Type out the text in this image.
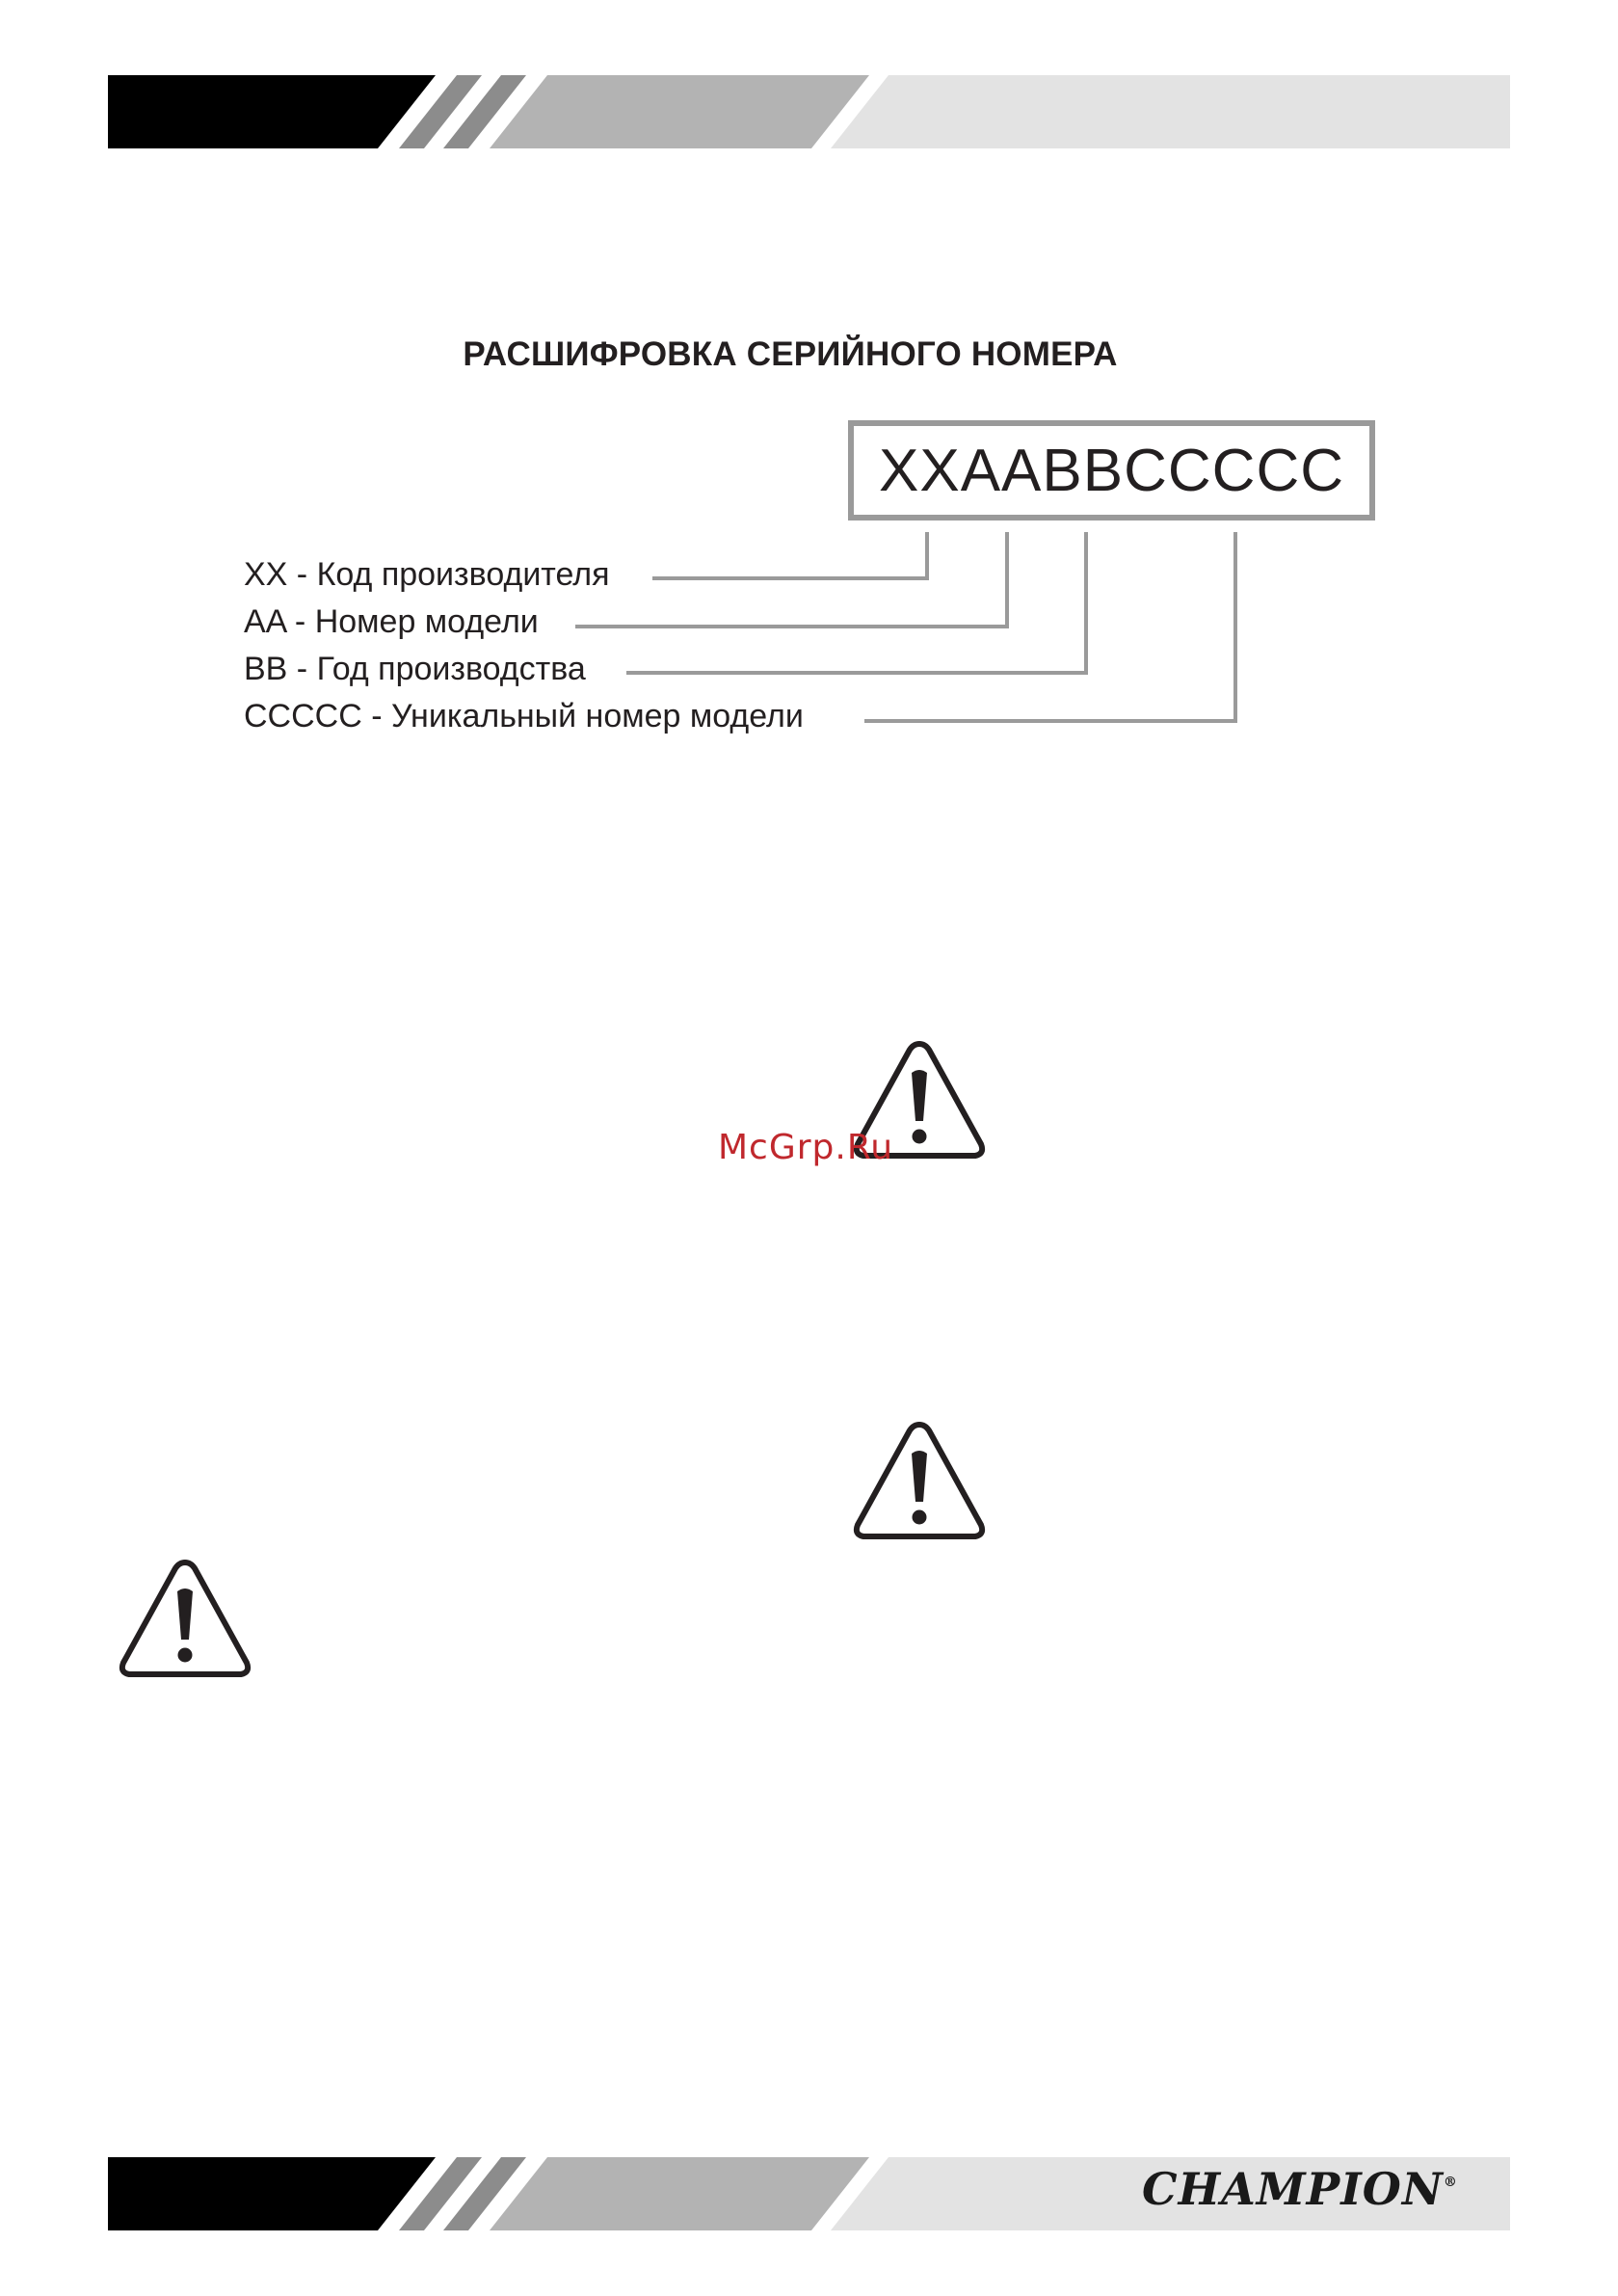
РАСШИФРОВКА СЕРИЙНОГО НОМЕРА
XXAABBCCCCC
XX - Код производителя
AA - Номер модели
BB - Год производства
CCCCC - Уникальный номер модели
McGrp.Ru
CHAMPION®
